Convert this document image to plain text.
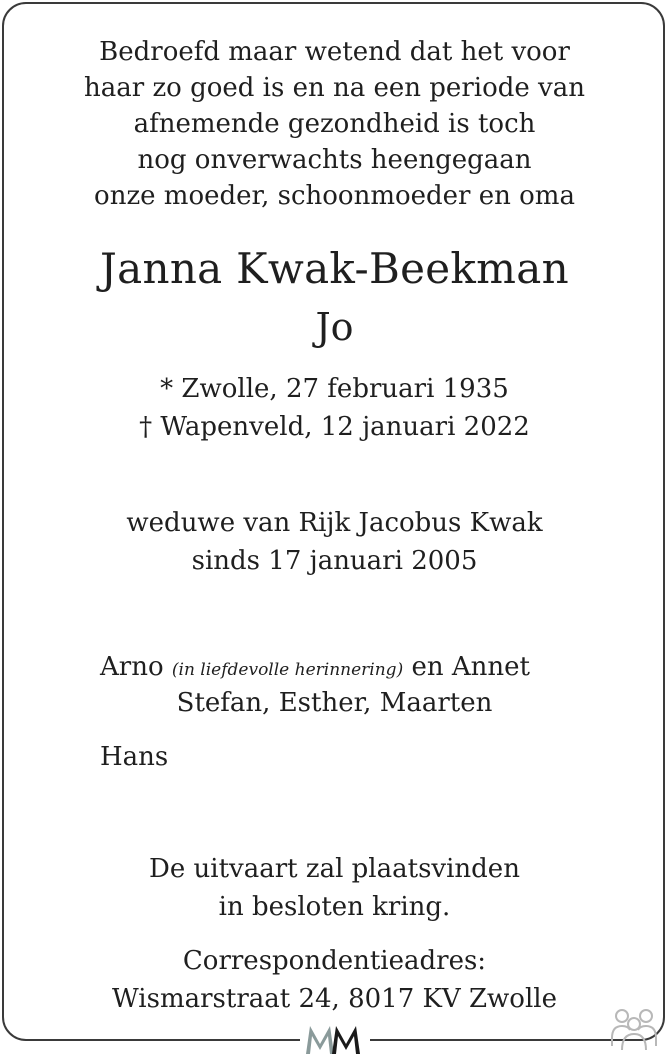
Bedroefd maar wetend dat het voor
haar zo goed is en na een periode van
afnemende gezondheid is toch
nog onverwachts heengegaan
onze moeder, schoonmoeder en oma
Janna Kwak-Beekman
Jo
* Zwolle, 27 februari 1935
† Wapenveld, 12 januari 2022
weduwe van Rijk Jacobus Kwak
sinds 17 januari 2005
Arno (in liefdevolle herinnering) en Annet
Stefan, Esther, Maarten
Hans
De uitvaart zal plaatsvinden
in besloten kring.
Correspondentieadres:
Wismarstraat 24, 8017 KV Zwolle
